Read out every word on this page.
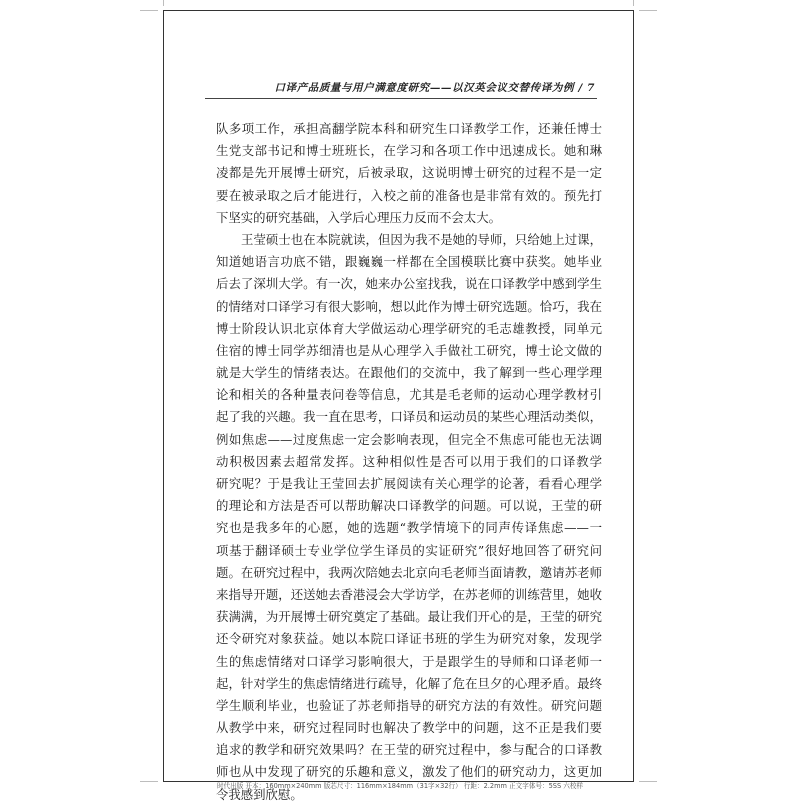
口译产品质量与用户满意度研究——以汉英会议交替传译为例 / 7
队多项工作，承担高翻学院本科和研究生口译教学工作，还兼任博士
生党支部书记和博士班班长，在学习和各项工作中迅速成长。她和琳
凌都是先开展博士研究，后被录取，这说明博士研究的过程不是一定
要在被录取之后才能进行，入校之前的准备也是非常有效的。预先打
下坚实的研究基础，入学后心理压力反而不会太大。
王莹硕士也在本院就读，但因为我不是她的导师，只给她上过课，
知道她语言功底不错，跟巍巍一样都在全国模联比赛中获奖。她毕业
后去了深圳大学。有一次，她来办公室找我，说在口译教学中感到学生
的情绪对口译学习有很大影响，想以此作为博士研究选题。恰巧，我在
博士阶段认识北京体育大学做运动心理学研究的毛志雄教授，同单元
住宿的博士同学苏细清也是从心理学入手做社工研究，博士论文做的
就是大学生的情绪表达。在跟他们的交流中，我了解到一些心理学理
论和相关的各种量表问卷等信息，尤其是毛老师的运动心理学教材引
起了我的兴趣。我一直在思考，口译员和运动员的某些心理活动类似，
例如焦虑——过度焦虑一定会影响表现，但完全不焦虑可能也无法调
动积极因素去超常发挥。这种相似性是否可以用于我们的口译教学
研究呢？于是我让王莹回去扩展阅读有关心理学的论著，看看心理学
的理论和方法是否可以帮助解决口译教学的问题。可以说，王莹的研
究也是我多年的心愿，她的选题“教学情境下的同声传译焦虑——一
项基于翻译硕士专业学位学生译员的实证研究”很好地回答了研究问
题。在研究过程中，我两次陪她去北京向毛老师当面请教，邀请苏老师
来指导开题，还送她去香港浸会大学访学，在苏老师的训练营里，她收
获满满，为开展博士研究奠定了基础。最让我们开心的是，王莹的研究
还令研究对象获益。她以本院口译证书班的学生为研究对象，发现学
生的焦虑情绪对口译学习影响很大，于是跟学生的导师和口译老师一
起，针对学生的焦虑情绪进行疏导，化解了危在旦夕的心理矛盾。最终
学生顺利毕业，也验证了苏老师指导的研究方法的有效性。研究问题
从教学中来，研究过程同时也解决了教学中的问题，这不正是我们要
追求的教学和研究效果吗？在王莹的研究过程中，参与配合的口译教
师也从中发现了研究的乐趣和意义，激发了他们的研究动力，这更加
令我感到欣慰。
时代出版 开本：160mm×240mm 版芯尺寸：116mm×184mm（31字×32行） 行距：2.2mm 正文字体号：5SS 六校样
